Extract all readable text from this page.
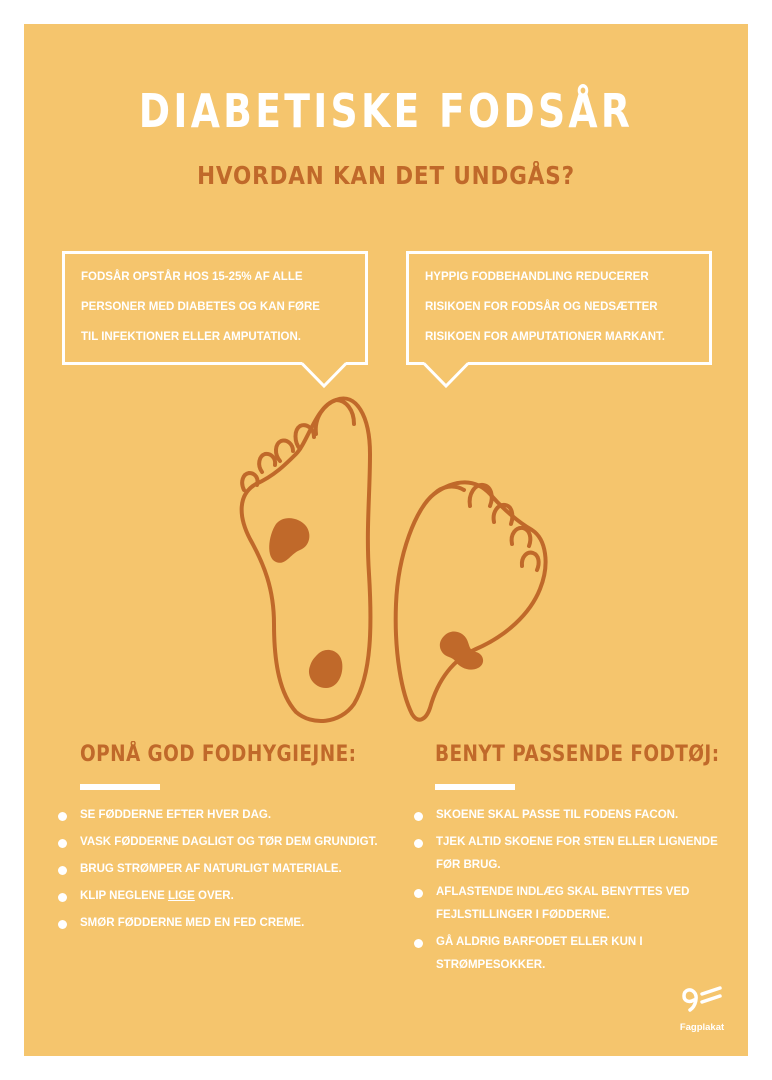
DIABETISKE FODSÅR
HVORDAN KAN DET UNDGÅS?
FODSÅR OPSTÅR HOS 15-25% AF ALLE
PERSONER MED DIABETES OG KAN FØRE
TIL INFEKTIONER ELLER AMPUTATION.
HYPPIG FODBEHANDLING REDUCERER
RISIKOEN FOR FODSÅR OG NEDSÆTTER
RISIKOEN FOR AMPUTATIONER MARKANT.
OPNÅ GOD FODHYGIEJNE:
SE FØDDERNE EFTER HVER DAG.
VASK FØDDERNE DAGLIGT OG TØR DEM GRUNDIGT.
BRUG STRØMPER AF NATURLIGT MATERIALE.
KLIP NEGLENE LIGE OVER.
SMØR FØDDERNE MED EN FED CREME.
BENYT PASSENDE FODTØJ:
SKOENE SKAL PASSE TIL FODENS FACON.
TJEK ALTID SKOENE FOR STEN ELLER LIGNENDE FØR BRUG.
AFLASTENDE INDLÆG SKAL BENYTTES VED FEJLSTILLINGER I FØDDERNE.
GÅ ALDRIG BARFODET ELLER KUN I STRØMPESOKKER.
Fagplakat
